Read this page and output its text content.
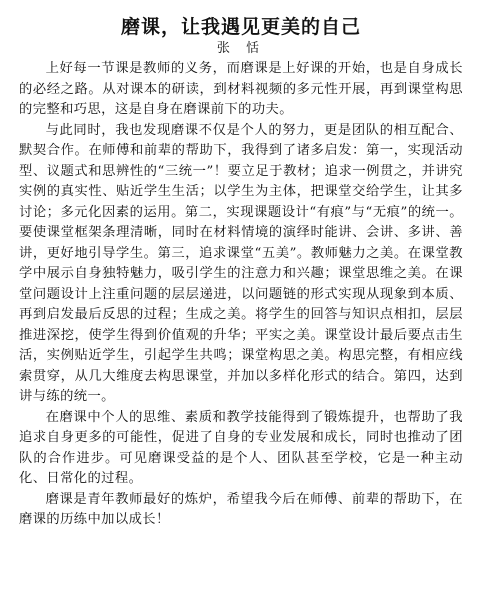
磨课，让我遇见更美的自己

张 恬

上好每一节课是教师的义务，而磨课是上好课的开始，也是自身成长的必经之路。从对课本的研读，到材料视频的多元性开展，再到课堂构思的完整和巧思，这是自身在磨课前下的功夫。

与此同时，我也发现磨课不仅是个人的努力，更是团队的相互配合、默契合作。在师傅和前辈的帮助下，我得到了诸多启发：第一，实现活动型、议题式和思辨性的“三统一”！要立足于教材；追求一例贯之，并讲究实例的真实性、贴近学生生活；以学生为主体，把课堂交给学生，让其多讨论；多元化因素的运用。第二，实现课题设计“有痕”与“无痕”的统一。要使课堂框架条理清晰，同时在材料情境的演绎时能讲、会讲、多讲、善讲，更好地引导学生。第三，追求课堂“五美”。教师魅力之美。在课堂教学中展示自身独特魅力，吸引学生的注意力和兴趣；课堂思维之美。在课堂问题设计上注重问题的层层递进，以问题链的形式实现从现象到本质、再到启发最后反思的过程；生成之美。将学生的回答与知识点相扣，层层推进深挖，使学生得到价值观的升华；平实之美。课堂设计最后要点击生活，实例贴近学生，引起学生共鸣；课堂构思之美。构思完整，有相应线索贯穿，从几大维度去构思课堂，并加以多样化形式的结合。第四，达到讲与练的统一。

在磨课中个人的思维、素质和教学技能得到了锻炼提升，也帮助了我追求自身更多的可能性，促进了自身的专业发展和成长，同时也推动了团队的合作进步。可见磨课受益的是个人、团队甚至学校，它是一种主动化、日常化的过程。

磨课是青年教师最好的炼炉，希望我今后在师傅、前辈的帮助下，在磨课的历练中加以成长！
